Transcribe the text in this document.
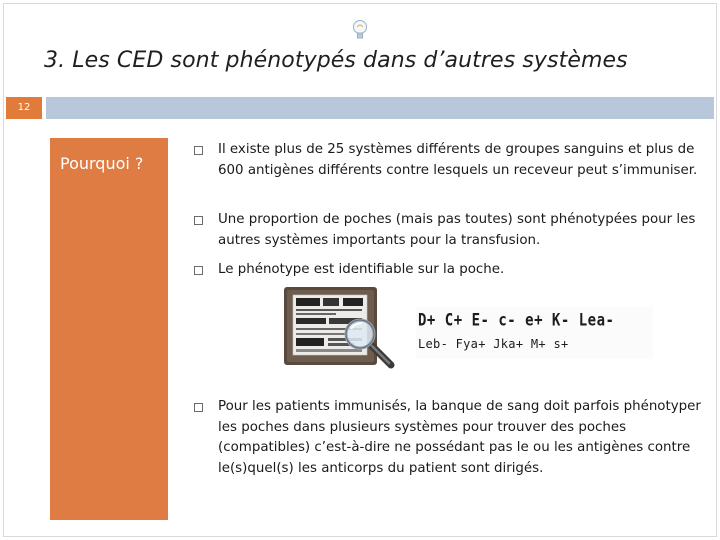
3. Les CED sont phénotypés dans d’autres systèmes
12
Pourquoi ?
Il existe plus de 25 systèmes différents de groupes sanguins et plus de 600 antigènes différents contre lesquels un receveur peut s’immuniser.
Une proportion de poches (mais pas toutes) sont phénotypées pour les autres systèmes importants pour la transfusion.
Le phénotype est identifiable sur la poche.
Pour les patients immunisés, la banque de sang doit parfois phénotyper les poches dans plusieurs systèmes pour trouver des poches (compatibles) c’est-à-dire ne possédant pas le ou les antigènes contre le(s)quel(s) les anticorps du patient sont dirigés.
D+ C+ E- c- e+ K- Lea-
Leb- Fya+ Jka+ M+ s+
